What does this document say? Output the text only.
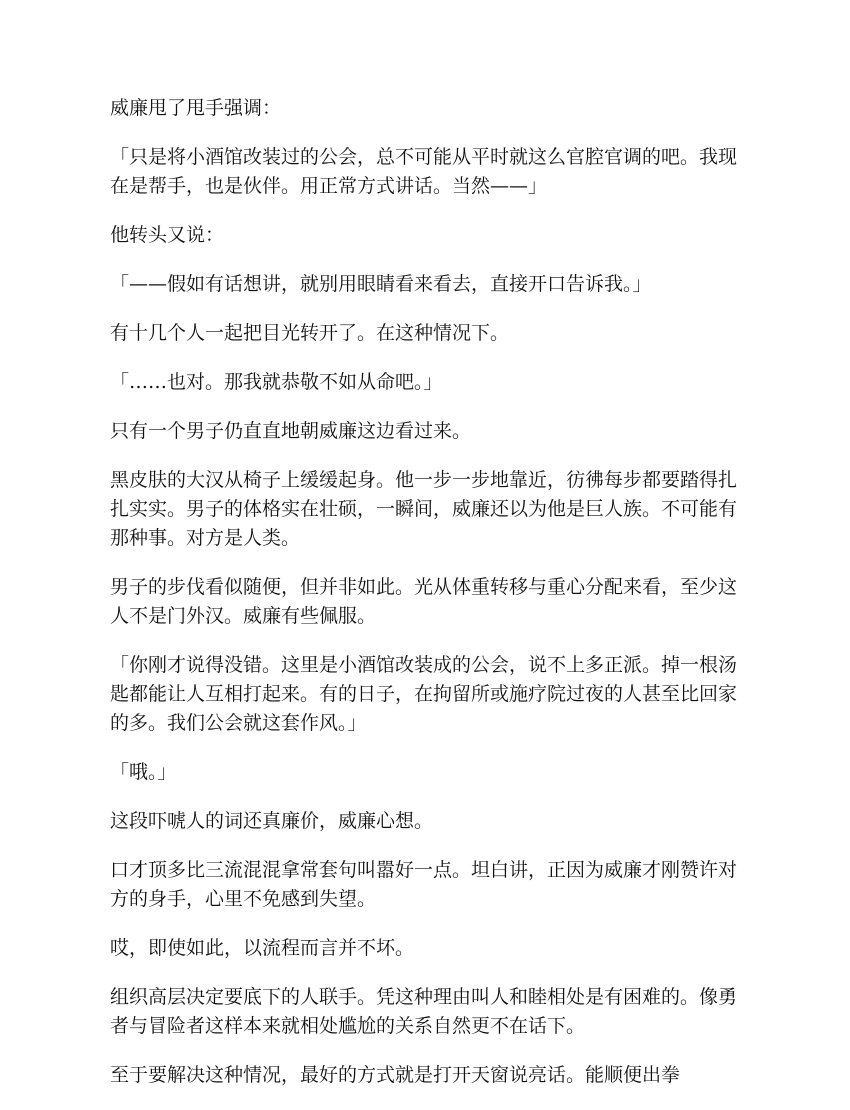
威廉甩了甩手强调：

「只是将小酒馆改装过的公会，总不可能从平时就这么官腔官调的吧。我现在是帮手，也是伙伴。用正常方式讲话。当然——」

他转头又说：

「——假如有话想讲，就别用眼睛看来看去，直接开口告诉我。」

有十几个人一起把目光转开了。在这种情况下。

「……也对。那我就恭敬不如从命吧。」

只有一个男子仍直直地朝威廉这边看过来。

黑皮肤的大汉从椅子上缓缓起身。他一步一步地靠近，彷彿每步都要踏得扎扎实实。男子的体格实在壮硕，一瞬间，威廉还以为他是巨人族。不可能有那种事。对方是人类。

男子的步伐看似随便，但并非如此。光从体重转移与重心分配来看，至少这人不是门外汉。威廉有些佩服。

「你刚才说得没错。这里是小酒馆改装成的公会，说不上多正派。掉一根汤匙都能让人互相打起来。有的日子，在拘留所或施疗院过夜的人甚至比回家的多。我们公会就这套作风。」

「哦。」

这段吓唬人的词还真廉价，威廉心想。

口才顶多比三流混混拿常套句叫嚣好一点。坦白讲，正因为威廉才刚赞许对方的身手，心里不免感到失望。

哎，即使如此，以流程而言并不坏。

组织高层决定要底下的人联手。凭这种理由叫人和睦相处是有困难的。像勇者与冒险者这样本来就相处尴尬的关系自然更不在话下。

至于要解决这种情况，最好的方式就是打开天窗说亮话。能顺便出拳
